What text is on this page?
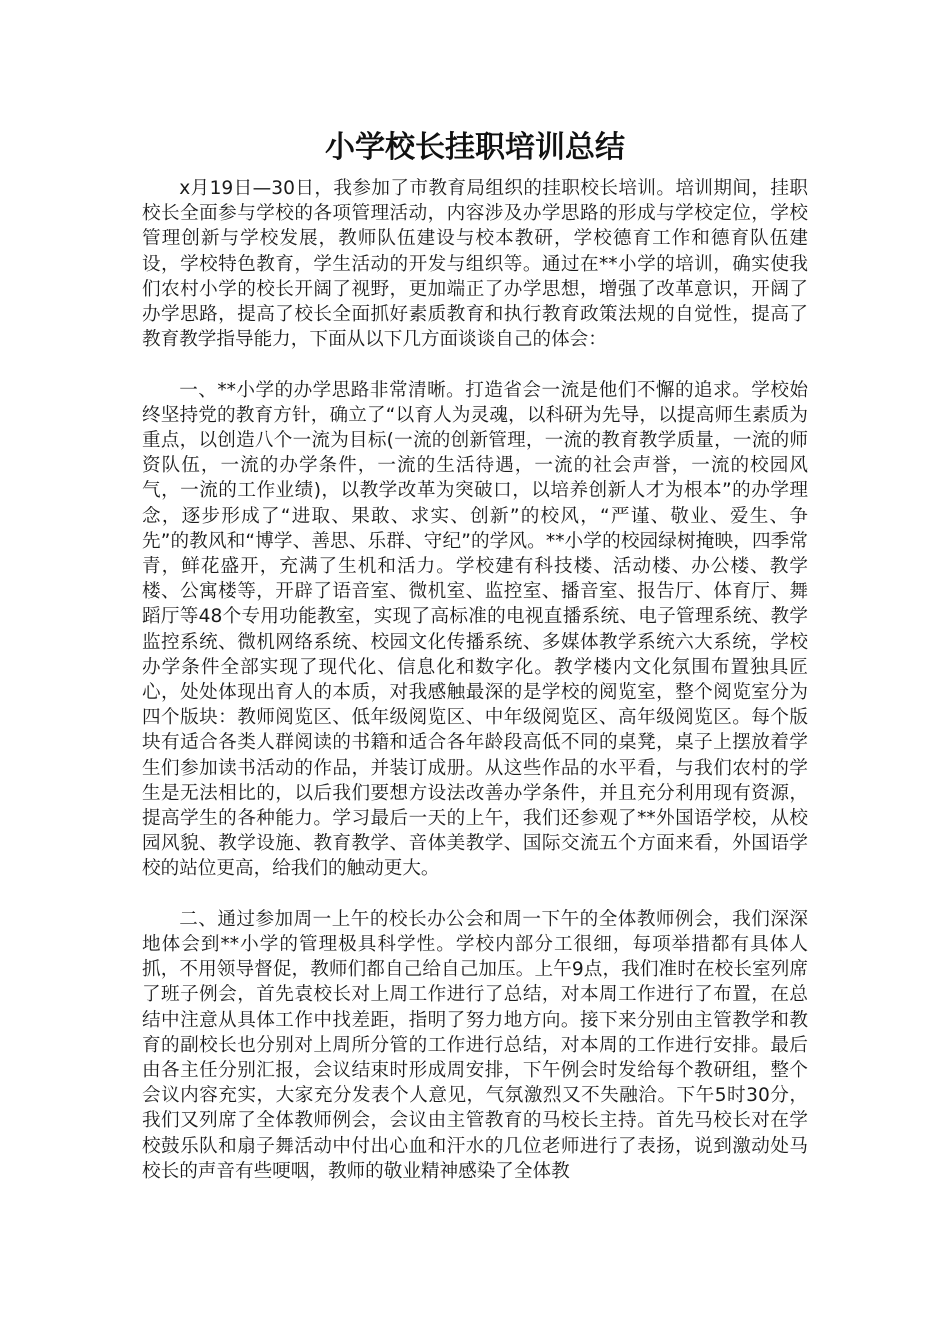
小学校长挂职培训总结

x月19日—30日，我参加了市教育局组织的挂职校长培训。培训期间，挂职校长全面参与学校的各项管理活动，内容涉及办学思路的形成与学校定位，学校管理创新与学校发展，教师队伍建设与校本教研，学校德育工作和德育队伍建设，学校特色教育，学生活动的开发与组织等。通过在**小学的培训，确实使我们农村小学的校长开阔了视野，更加端正了办学思想，增强了改革意识，开阔了办学思路，提高了校长全面抓好素质教育和执行教育政策法规的自觉性，提高了教育教学指导能力，下面从以下几方面谈谈自己的体会：

一、**小学的办学思路非常清晰。打造省会一流是他们不懈的追求。学校始终坚持党的教育方针，确立了“以育人为灵魂，以科研为先导，以提高师生素质为重点，以创造八个一流为目标(一流的创新管理，一流的教育教学质量，一流的师资队伍，一流的办学条件，一流的生活待遇，一流的社会声誉，一流的校园风气，一流的工作业绩)，以教学改革为突破口，以培养创新人才为根本”的办学理念，逐步形成了“进取、果敢、求实、创新”的校风，“严谨、敬业、爱生、争先”的教风和“博学、善思、乐群、守纪”的学风。**小学的校园绿树掩映，四季常青，鲜花盛开，充满了生机和活力。学校建有科技楼、活动楼、办公楼、教学楼、公寓楼等，开辟了语音室、微机室、监控室、播音室、报告厅、体育厅、舞蹈厅等48个专用功能教室，实现了高标准的电视直播系统、电子管理系统、教学监控系统、微机网络系统、校园文化传播系统、多媒体教学系统六大系统，学校办学条件全部实现了现代化、信息化和数字化。教学楼内文化氛围布置独具匠心，处处体现出育人的本质，对我感触最深的是学校的阅览室，整个阅览室分为四个版块：教师阅览区、低年级阅览区、中年级阅览区、高年级阅览区。每个版块有适合各类人群阅读的书籍和适合各年龄段高低不同的桌凳，桌子上摆放着学生们参加读书活动的作品，并装订成册。从这些作品的水平看，与我们农村的学生是无法相比的，以后我们要想方设法改善办学条件，并且充分利用现有资源，提高学生的各种能力。学习最后一天的上午，我们还参观了**外国语学校，从校园风貌、教学设施、教育教学、音体美教学、国际交流五个方面来看，外国语学校的站位更高，给我们的触动更大。

二、通过参加周一上午的校长办公会和周一下午的全体教师例会，我们深深地体会到**小学的管理极具科学性。学校内部分工很细，每项举措都有具体人抓，不用领导督促，教师们都自己给自己加压。上午9点，我们准时在校长室列席了班子例会，首先袁校长对上周工作进行了总结，对本周工作进行了布置，在总结中注意从具体工作中找差距，指明了努力地方向。接下来分别由主管教学和教育的副校长也分别对上周所分管的工作进行总结，对本周的工作进行安排。最后由各主任分别汇报，会议结束时形成周安排，下午例会时发给每个教研组，整个会议内容充实，大家充分发表个人意见，气氛激烈又不失融洽。下午5时30分，我们又列席了全体教师例会，会议由主管教育的马校长主持。首先马校长对在学校鼓乐队和扇子舞活动中付出心血和汗水的几位老师进行了表扬，说到激动处马校长的声音有些哽咽，教师的敬业精神感染了全体教
